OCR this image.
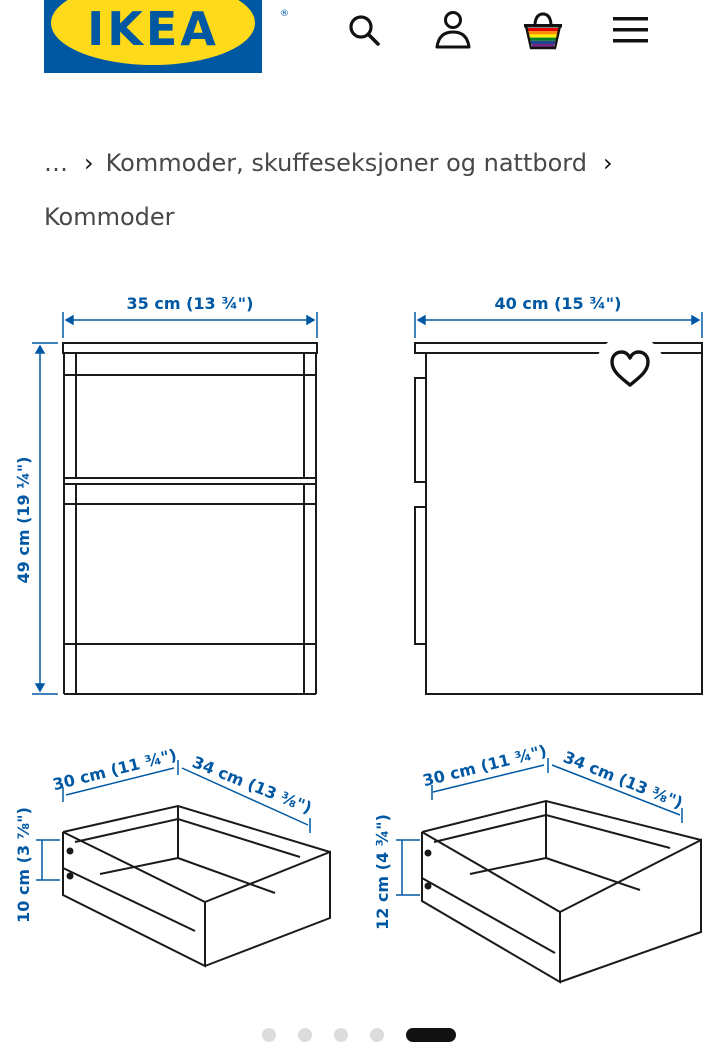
IKEA	®
… › Kommoder, skuffeseksjoner og nattbord ›
Kommoder
35 cm (13 ¾")	40 cm (15 ¾")
49 cm (19 ¼")
30 cm (11 ¾") 34 cm (13 ⅜")
10 cm (3 ⅞")
30 cm (11 ¾") 34 cm (13 ⅜")
12 cm (4 ¾")
